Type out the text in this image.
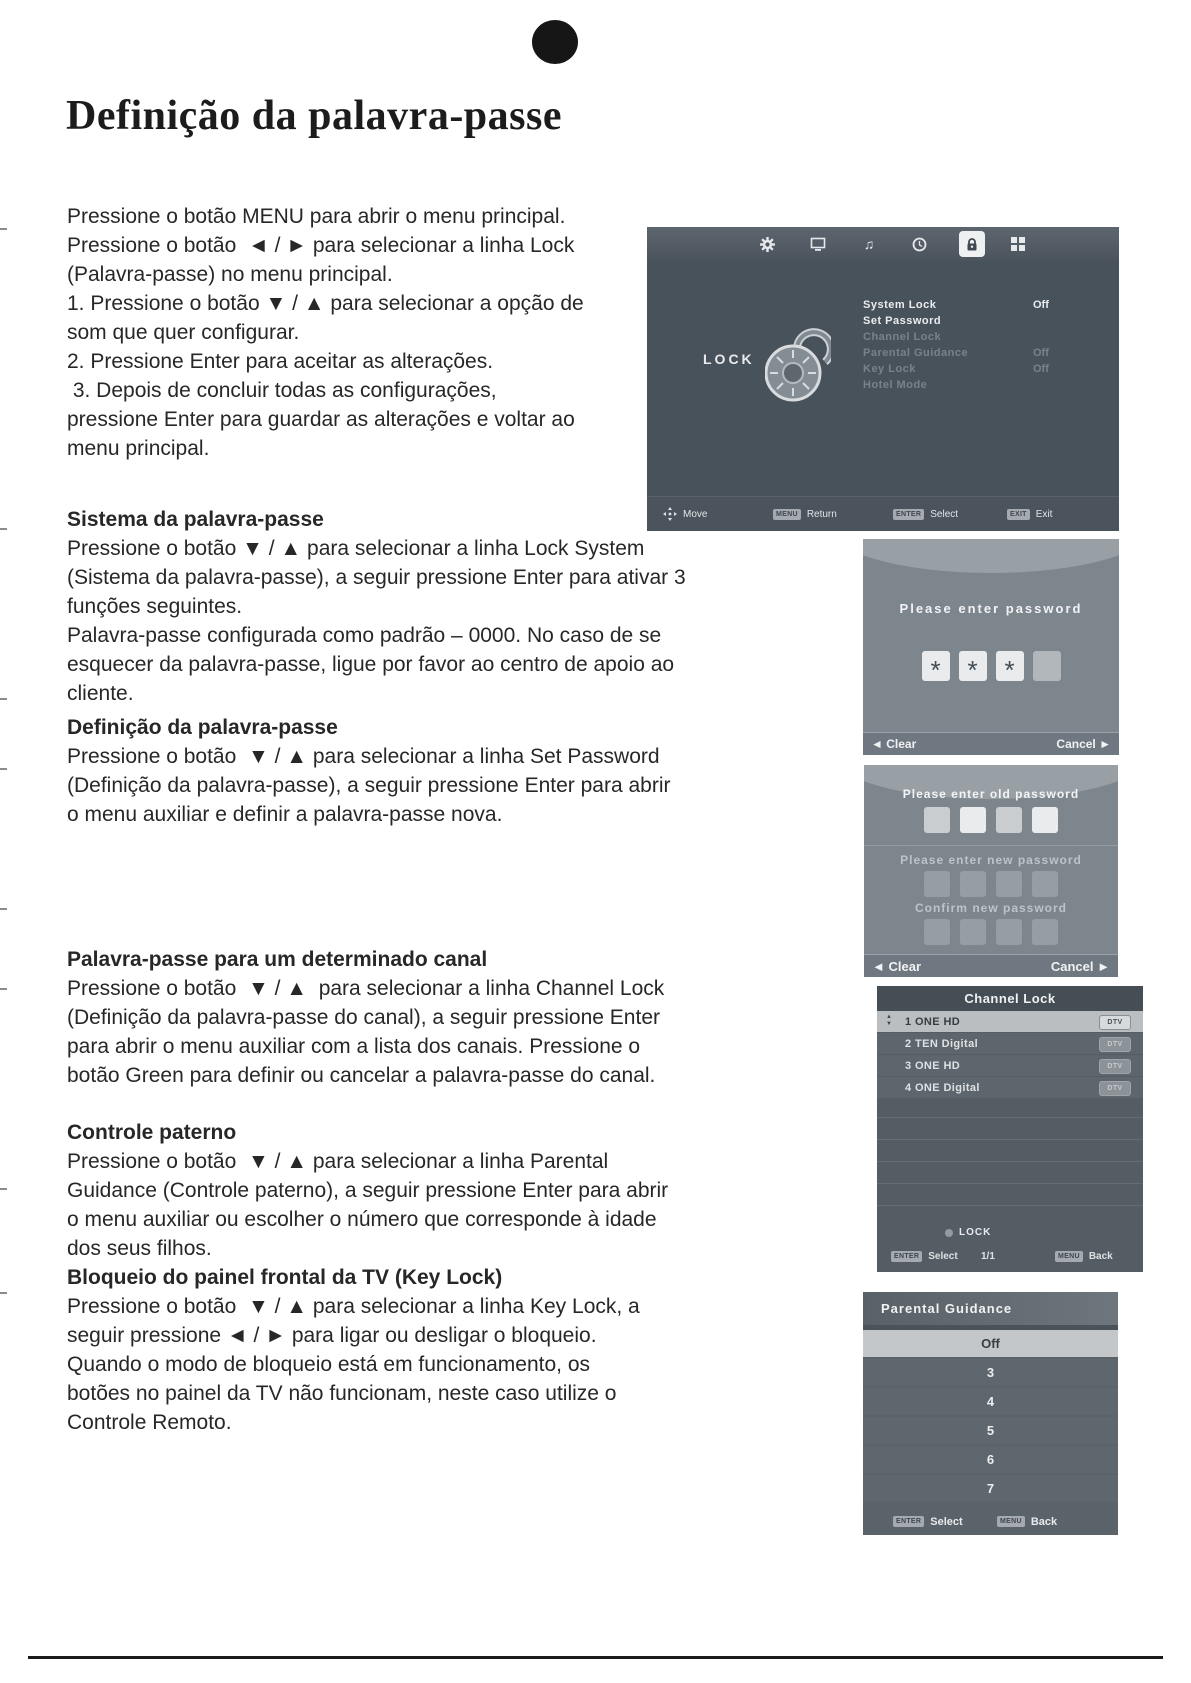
Definição da palavra-passe
Pressione o botão MENU para abrir o menu principal.
Pressione o botão  ◄ / ► para selecionar a linha Lock
(Palavra-passe) no menu principal.
1. Pressione o botão ▼ / ▲ para selecionar a opção de
som que quer configurar.
2. Pressione Enter para aceitar as alterações.
3. Depois de concluir todas as configurações,
pressione Enter para guardar as alterações e voltar ao
menu principal.
Sistema da palavra-passe
Pressione o botão ▼ / ▲ para selecionar a linha Lock System
(Sistema da palavra-passe), a seguir pressione Enter para ativar 3
funções seguintes.
Palavra-passe configurada como padrão – 0000. No caso de se
esquecer da palavra-passe, ligue por favor ao centro de apoio ao
cliente.
Definição da palavra-passe
Pressione o botão  ▼ / ▲ para selecionar a linha Set Password
(Definição da palavra-passe), a seguir pressione Enter para abrir
o menu auxiliar e definir a palavra-passe nova.
Palavra-passe para um determinado canal
Pressione o botão  ▼ / ▲  para selecionar a linha Channel Lock
(Definição da palavra-passe do canal), a seguir pressione Enter
para abrir o menu auxiliar com a lista dos canais. Pressione o
botão Green para definir ou cancelar a palavra-passe do canal.
Controle paterno
Pressione o botão  ▼ / ▲ para selecionar a linha Parental
Guidance (Controle paterno), a seguir pressione Enter para abrir
o menu auxiliar ou escolher o número que corresponde à idade
dos seus filhos.
Bloqueio do painel frontal da TV (Key Lock)
Pressione o botão  ▼ / ▲ para selecionar a linha Key Lock, a
seguir pressione ◄ / ► para ligar ou desligar o bloqueio.
Quando o modo de bloqueio está em funcionamento, os
botões no painel da TV não funcionam, neste caso utilize o
Controle Remoto.
♫
LOCK
System Lock	Off
Set Password
Channel Lock
Parental Guidance	Off
Key Lock	Off
Hotel Mode
Move	MENU Return	ENTER Select	EXIT Exit
Please enter password
* * *
◄ Clear	Cancel ►
Please enter old password
Please enter new password
Confirm new password
◄ Clear	Cancel ►
Channel Lock
▲
▼ 1 ONE HD	DTV
2 TEN Digital	DTV
3 ONE HD	DTV
4 ONE Digital	DTV
LOCK
ENTER Select 1/1	MENU Back
Parental Guidance
Off
3
4
5
6
7
ENTER Select	MENU Back
